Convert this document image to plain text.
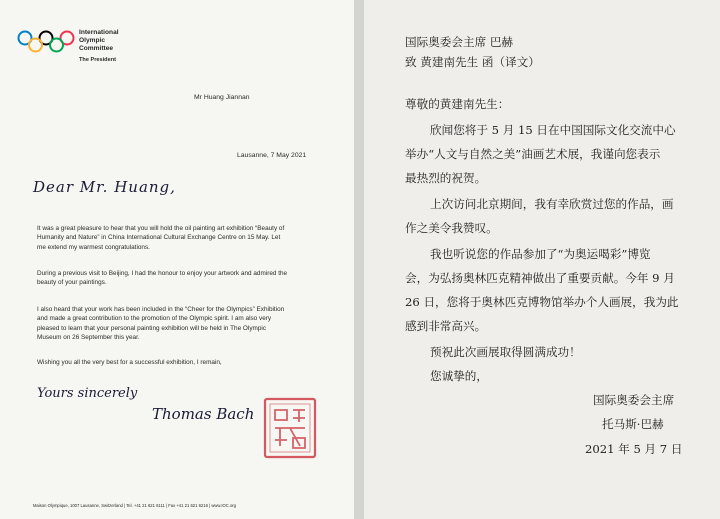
International
Olympic
Committee
The President
Mr Huang Jiannan
Lausanne, 7 May 2021
Dear Mr. Huang,
It was a great pleasure to hear that you will hold the oil painting art exhibition “Beauty of
Humanity and Nature” in China International Cultural Exchange Centre on 15 May. Let
me extend my warmest congratulations.
During a previous visit to Beijing, I had the honour to enjoy your artwork and admired the
beauty of your paintings.
I also heard that your work has been included in the “Cheer for the Olympics” Exhibition
and made a great contribution to the promotion of the Olympic spirit. I am also very
pleased to learn that your personal painting exhibition will be held in The Olympic
Museum on 26 September this year.
Wishing you all the very best for a successful exhibition, I remain,
Yours sincerely
Thomas Bach
Maison Olympique, 1007 Lausanne, Switzerland | Tel. +41 21 621 6111 | Fax +41 21 621 6216 | www.IOC.org
国际奥委会主席 巴赫
致 黄建南先生 函（译文）
尊敬的黄建南先生：
欣闻您将于 5 月 15 日在中国国际文化交流中心
举办“人文与自然之美”油画艺术展，我谨向您表示
最热烈的祝贺。
上次访问北京期间，我有幸欣赏过您的作品，画
作之美令我赞叹。
我也听说您的作品参加了“为奥运喝彩”博览
会，为弘扬奥林匹克精神做出了重要贡献。今年 9 月
26 日，您将于奥林匹克博物馆举办个人画展，我为此
感到非常高兴。
预祝此次画展取得圆满成功！
您诚挚的，
国际奥委会主席
托马斯·巴赫
2021 年 5 月 7 日
